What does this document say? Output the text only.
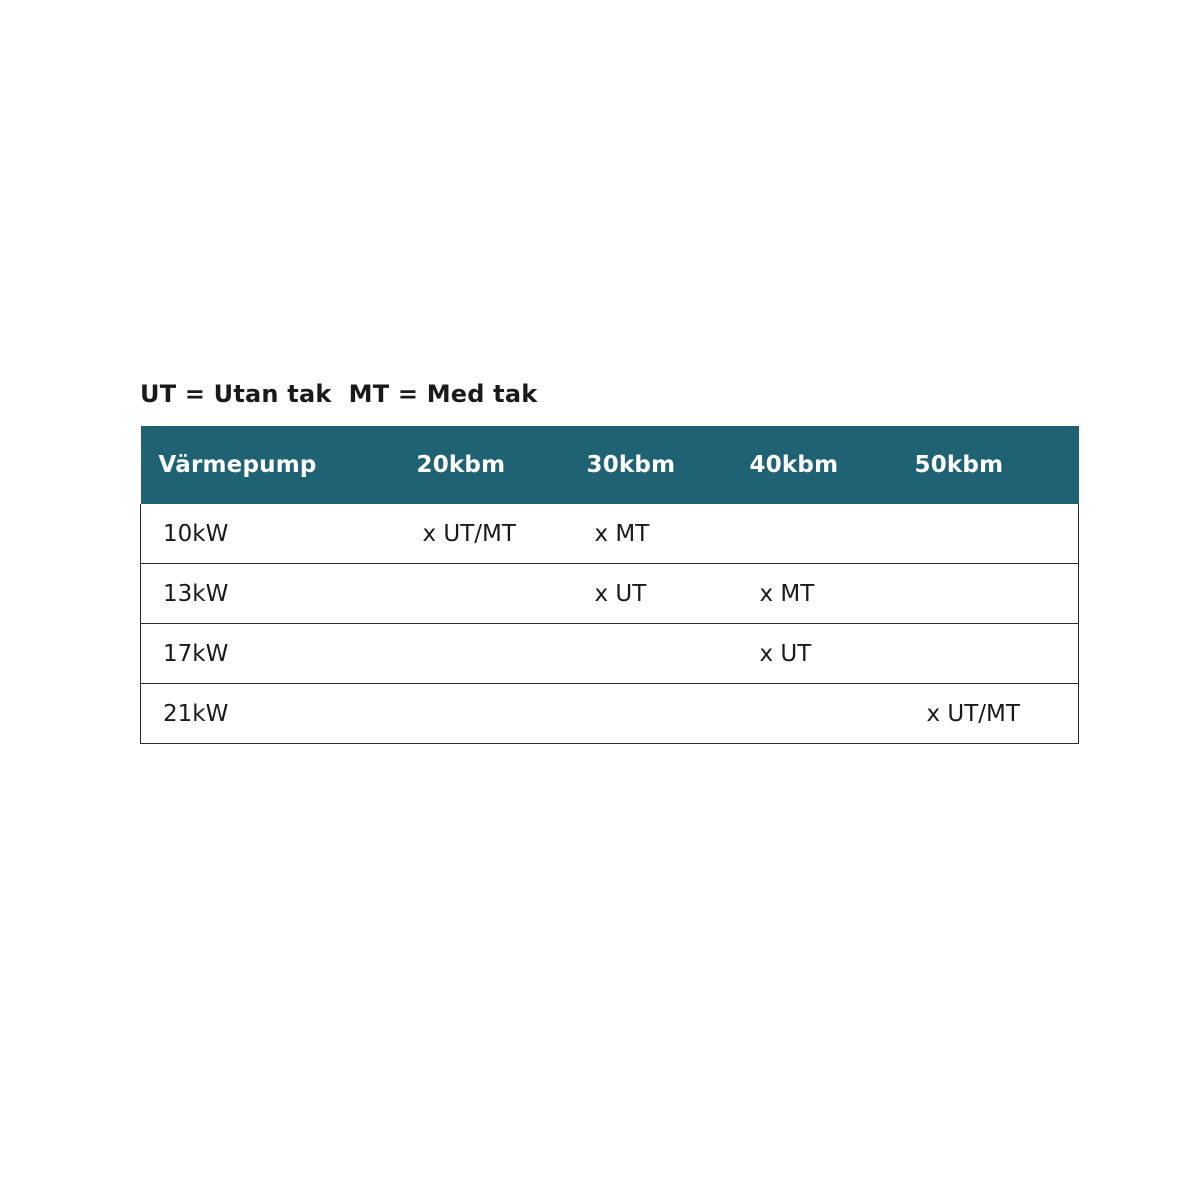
UT = Utan tak  MT = Med tak
Värmepump	20kbm	30kbm	40kbm	50kbm
10kW	x UT/MT	x MT		

13kW		x UT	x MT	

17kW			x UT	

21kW				x UT/MT
